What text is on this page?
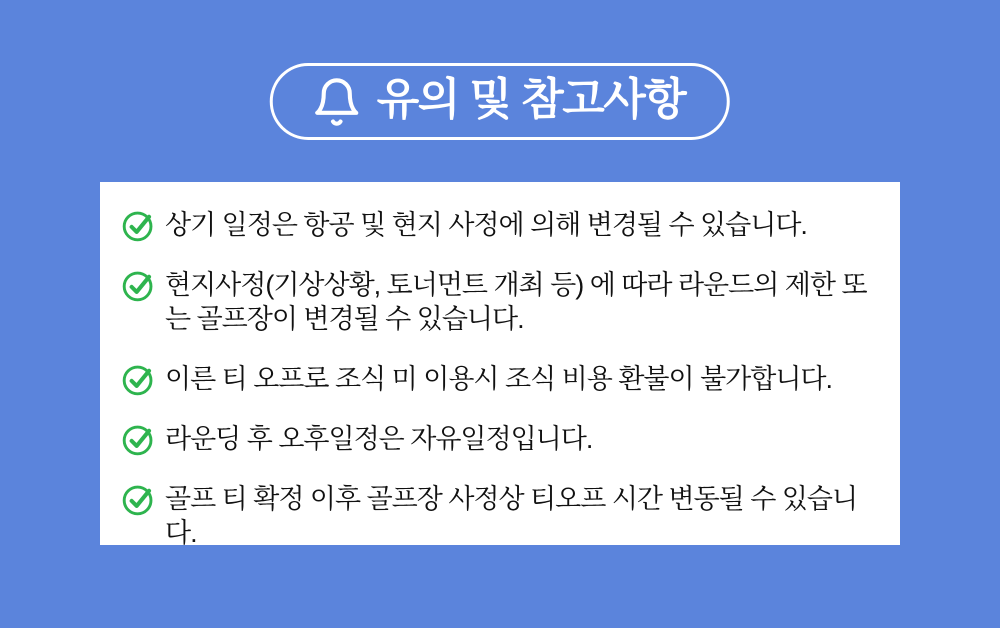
유의 및 참고사항
상기 일정은 항공 및 현지 사정에 의해 변경될 수 있습니다.
현지사정(기상상황, 토너먼트 개최 등) 에 따라 라운드의 제한 또는 골프장이 변경될 수 있습니다.
이른 티 오프로 조식 미 이용시 조식 비용 환불이 불가합니다.
라운딩 후 오후일정은 자유일정입니다.
골프 티 확정 이후 골프장 사정상 티오프 시간 변동될 수 있습니다.
